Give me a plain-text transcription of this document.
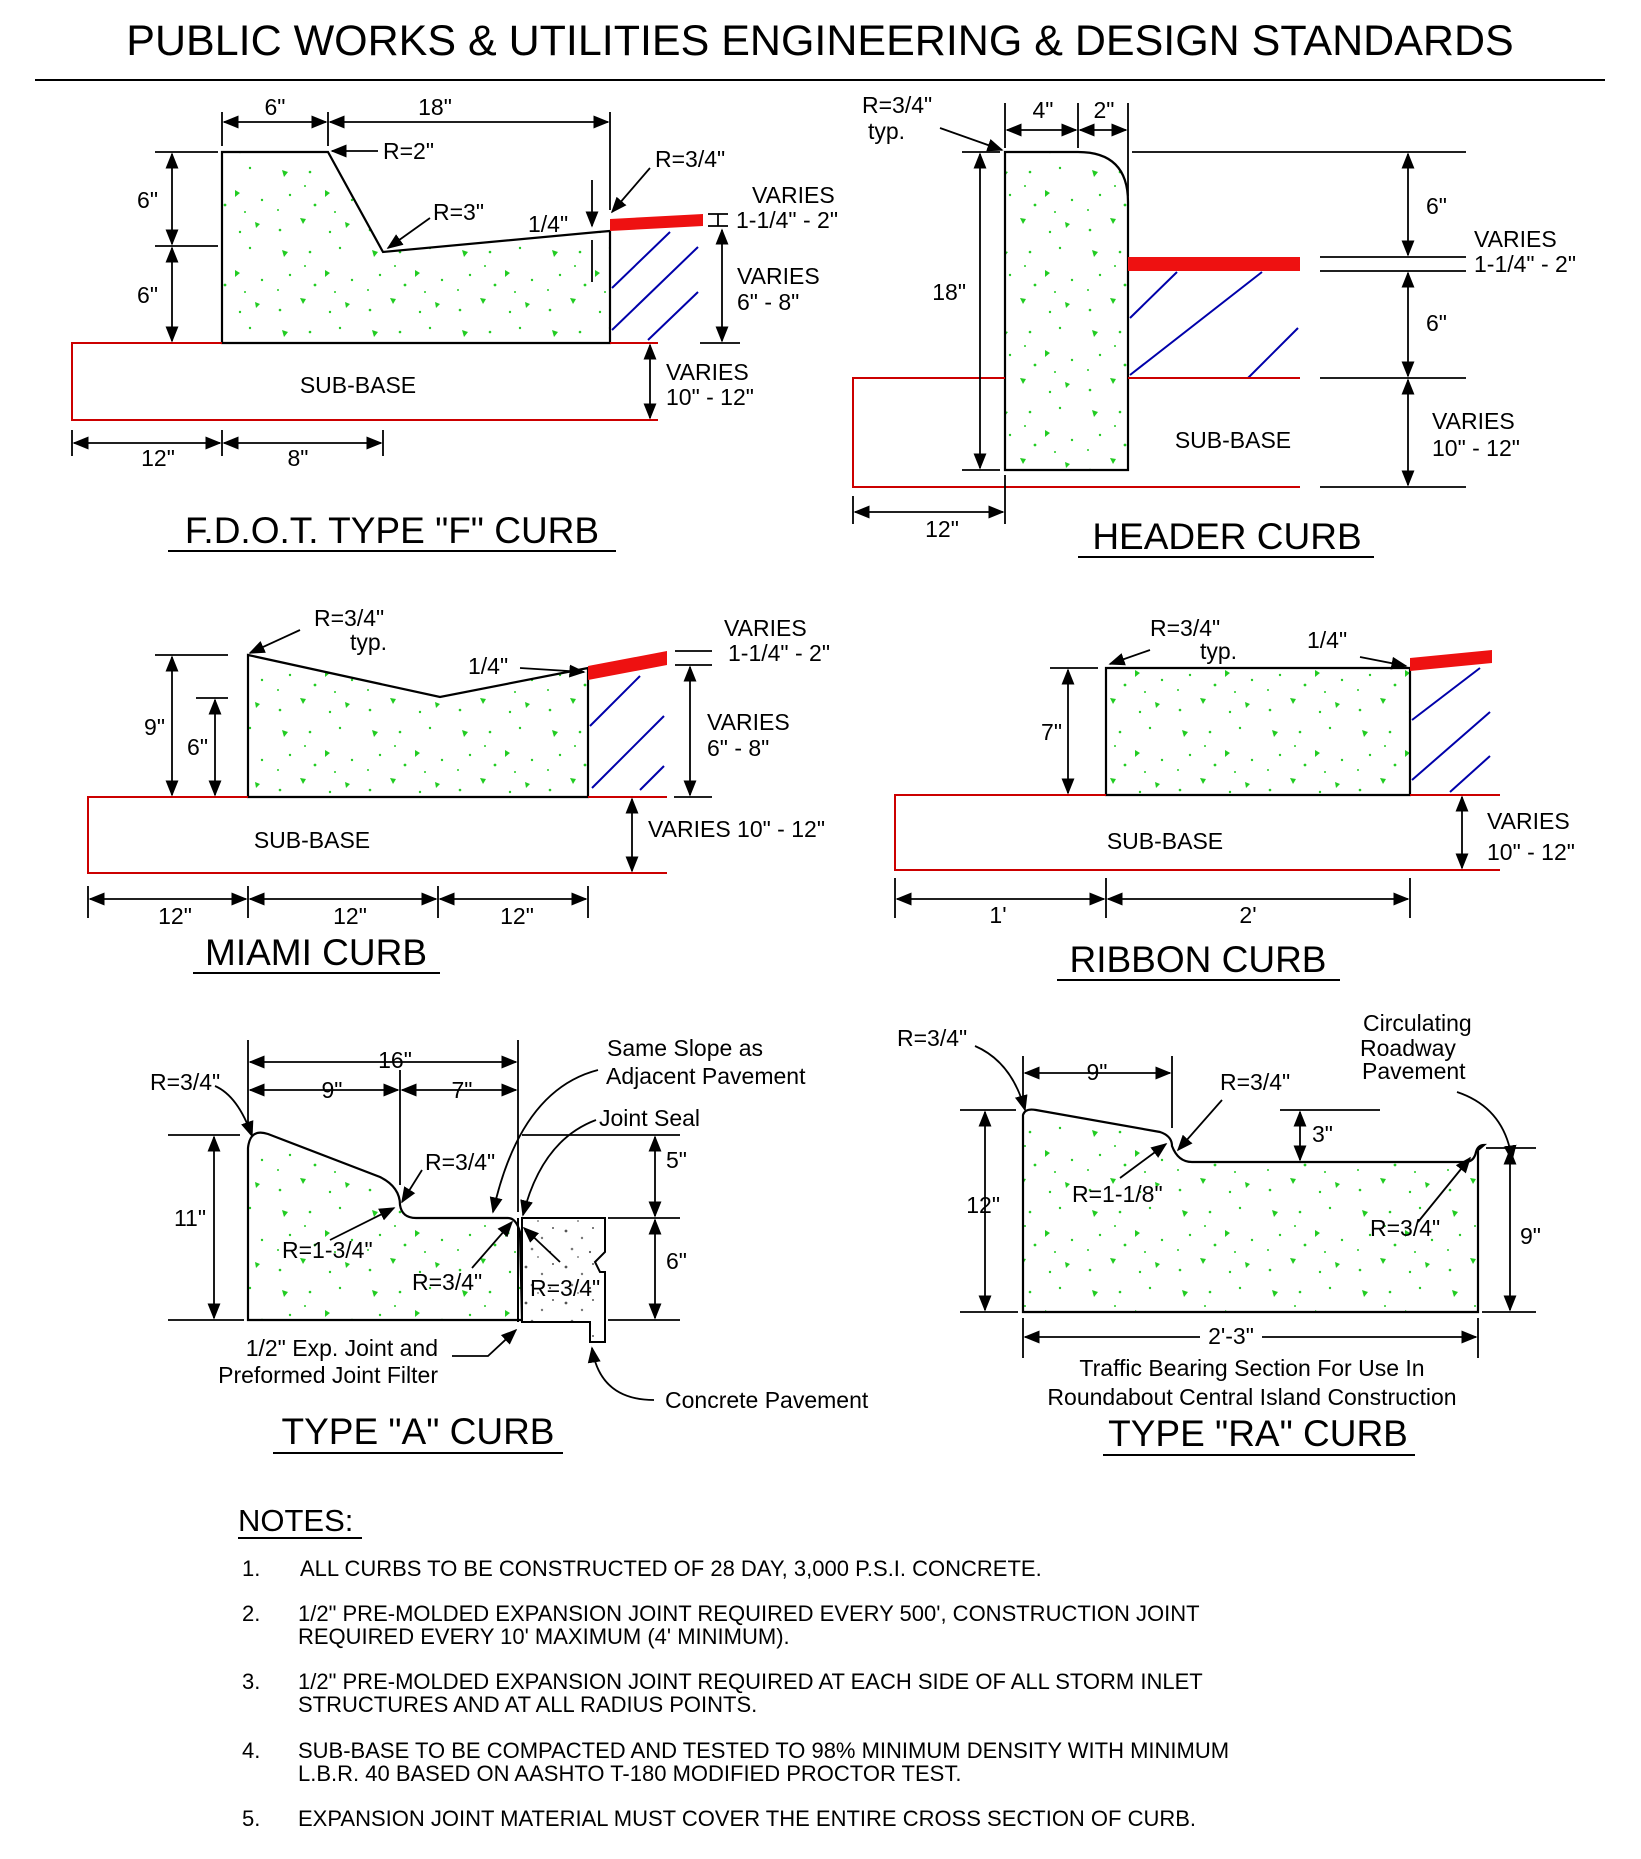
PUBLIC WORKS & UTILITIES ENGINEERING & DESIGN STANDARDS
6"	18"
R=2"	R=3/4"
R=3" 1/4"
6"
6"
VARIES
1-1/4" - 2"
VARIES
6" - 8"
VARIES
10" - 12"
SUB-BASE
12"	8"
F.D.O.T. TYPE "F" CURB
4" 2"
R=3/4"
typ.
18"
6"
6"
VARIES
1-1/4" - 2"
VARIES
10" - 12"
SUB-BASE
12"	HEADER CURB
R=3/4"
typ.
1/4"
9"
6"
VARIES
1-1/4" - 2"
VARIES
6" - 8"
VARIES 10" - 12"
SUB-BASE
12"	12"	12"
MIAMI CURB
R=3/4"
typ.	1/4"
7"
VARIES
10" - 12"
SUB-BASE
1'	2'
RIBBON CURB
16"
9"	7"
R=3/4"
Same Slope as
Adjacent Pavement
Joint Seal
R=3/4"
R=1-3/4"
R=3/4" R=3/4"
11"
5"
6"
1/2" Exp. Joint and
Preformed Joint Filter
Concrete Pavement
TYPE "A" CURB
9"
R=3/4"
R=3/4"
Circulating
Roadway
Pavement
3"
12"	R=1-1/8"
R=3/4"	9"
2'-3"
Traffic Bearing Section For Use In
Roundabout Central Island Construction
TYPE "RA" CURB
NOTES:
1. ALL CURBS TO BE CONSTRUCTED OF 28 DAY, 3,000 P.S.I. CONCRETE.
2. 1/2" PRE-MOLDED EXPANSION JOINT REQUIRED EVERY 500', CONSTRUCTION JOINT
REQUIRED EVERY 10' MAXIMUM (4' MINIMUM).
3. 1/2" PRE-MOLDED EXPANSION JOINT REQUIRED AT EACH SIDE OF ALL STORM INLET
STRUCTURES AND AT ALL RADIUS POINTS.
4. SUB-BASE TO BE COMPACTED AND TESTED TO 98% MINIMUM DENSITY WITH MINIMUM
L.B.R. 40 BASED ON AASHTO T-180 MODIFIED PROCTOR TEST.
5. EXPANSION JOINT MATERIAL MUST COVER THE ENTIRE CROSS SECTION OF CURB.
